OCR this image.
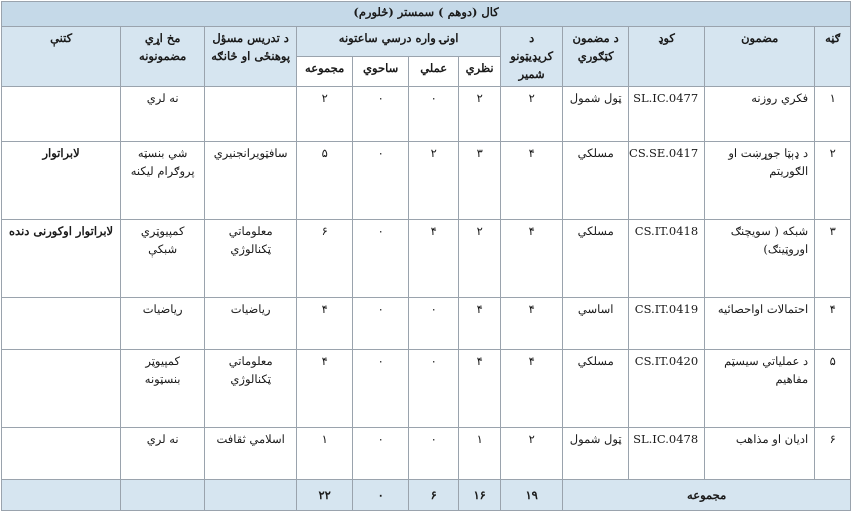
کال (دوهم ) سمستر (څلورم)											
ګڼه	مضمون	کوډ	د مضمون کټګوري	د کریډیټونو شمیر	اونۍ واره درسي ساعتونه				د تدریس مسؤل پوهنځی او څانګه	مخ اړي مضمونونه	کتنې
					نظري	عملي	ساحوي	مجموعه			
۱	فکري روزنه	SL.IC.0477	ټول شمول	۲	۲	۰	۰	۲		نه لري	
۲	د ډېټا جوړښت او الګوریتم	CS.SE.0417	مسلکي	۴	۳	۲	۰	۵	سافټویرانجنیري	شي بنسټه پروګرام لیکنه	لابراتوار
۳	شبکه ( سویچنګ اوروټینګ)	CS.IT.0418	مسلکي	۴	۲	۴	۰	۶	معلوماتي ټکنالوژي	کمپیوټري شبکې	لابراتوار اوکورنی دنده
۴	احتمالات اواحصائیه	CS.IT.0419	اساسي	۴	۴	۰	۰	۴	ریاضیات	ریاضیات	
۵	د عملیاتي سیسټم مفاهیم	CS.IT.0420	مسلکي	۴	۴	۰	۰	۴	معلوماتي ټکنالوژي	کمپیوټر بنسټونه	
۶	ادیان او مذاهب	SL.IC.0478	ټول شمول	۲	۱	۰	۰	۱	اسلامي ثقافت	نه لري	
مجموعه				۱۹	۱۶	۶	۰	۲۲			
